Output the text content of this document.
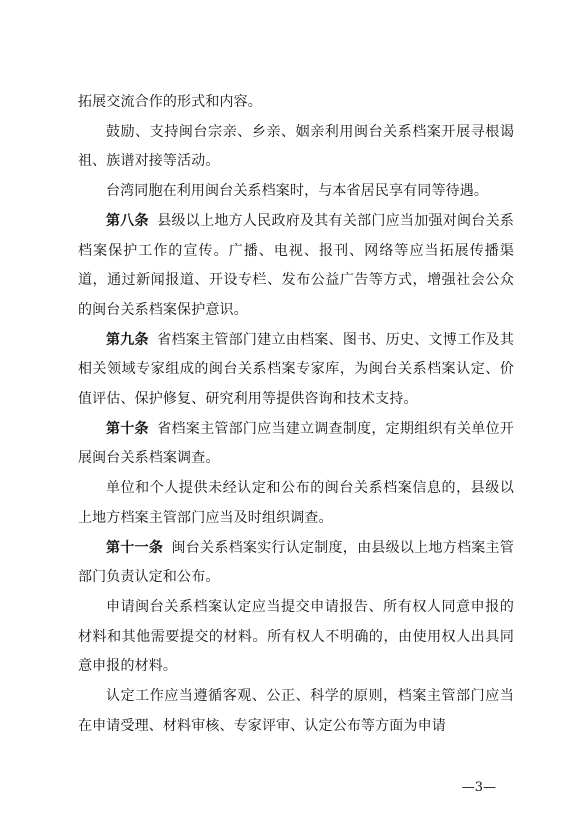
拓展交流合作的形式和内容。

鼓励、支持闽台宗亲、乡亲、姻亲利用闽台关系档案开展寻根谒祖、族谱对接等活动。

台湾同胞在利用闽台关系档案时，与本省居民享有同等待遇。

第八条 县级以上地方人民政府及其有关部门应当加强对闽台关系档案保护工作的宣传。广播、电视、报刊、网络等应当拓展传播渠道，通过新闻报道、开设专栏、发布公益广告等方式，增强社会公众的闽台关系档案保护意识。

第九条 省档案主管部门建立由档案、图书、历史、文博工作及其相关领域专家组成的闽台关系档案专家库，为闽台关系档案认定、价值评估、保护修复、研究利用等提供咨询和技术支持。

第十条 省档案主管部门应当建立调查制度，定期组织有关单位开展闽台关系档案调查。

单位和个人提供未经认定和公布的闽台关系档案信息的，县级以上地方档案主管部门应当及时组织调查。

第十一条 闽台关系档案实行认定制度，由县级以上地方档案主管部门负责认定和公布。

申请闽台关系档案认定应当提交申请报告、所有权人同意申报的材料和其他需要提交的材料。所有权人不明确的，由使用权人出具同意申报的材料。

认定工作应当遵循客观、公正、科学的原则，档案主管部门应当在申请受理、材料审核、专家评审、认定公布等方面为申请

—3—
